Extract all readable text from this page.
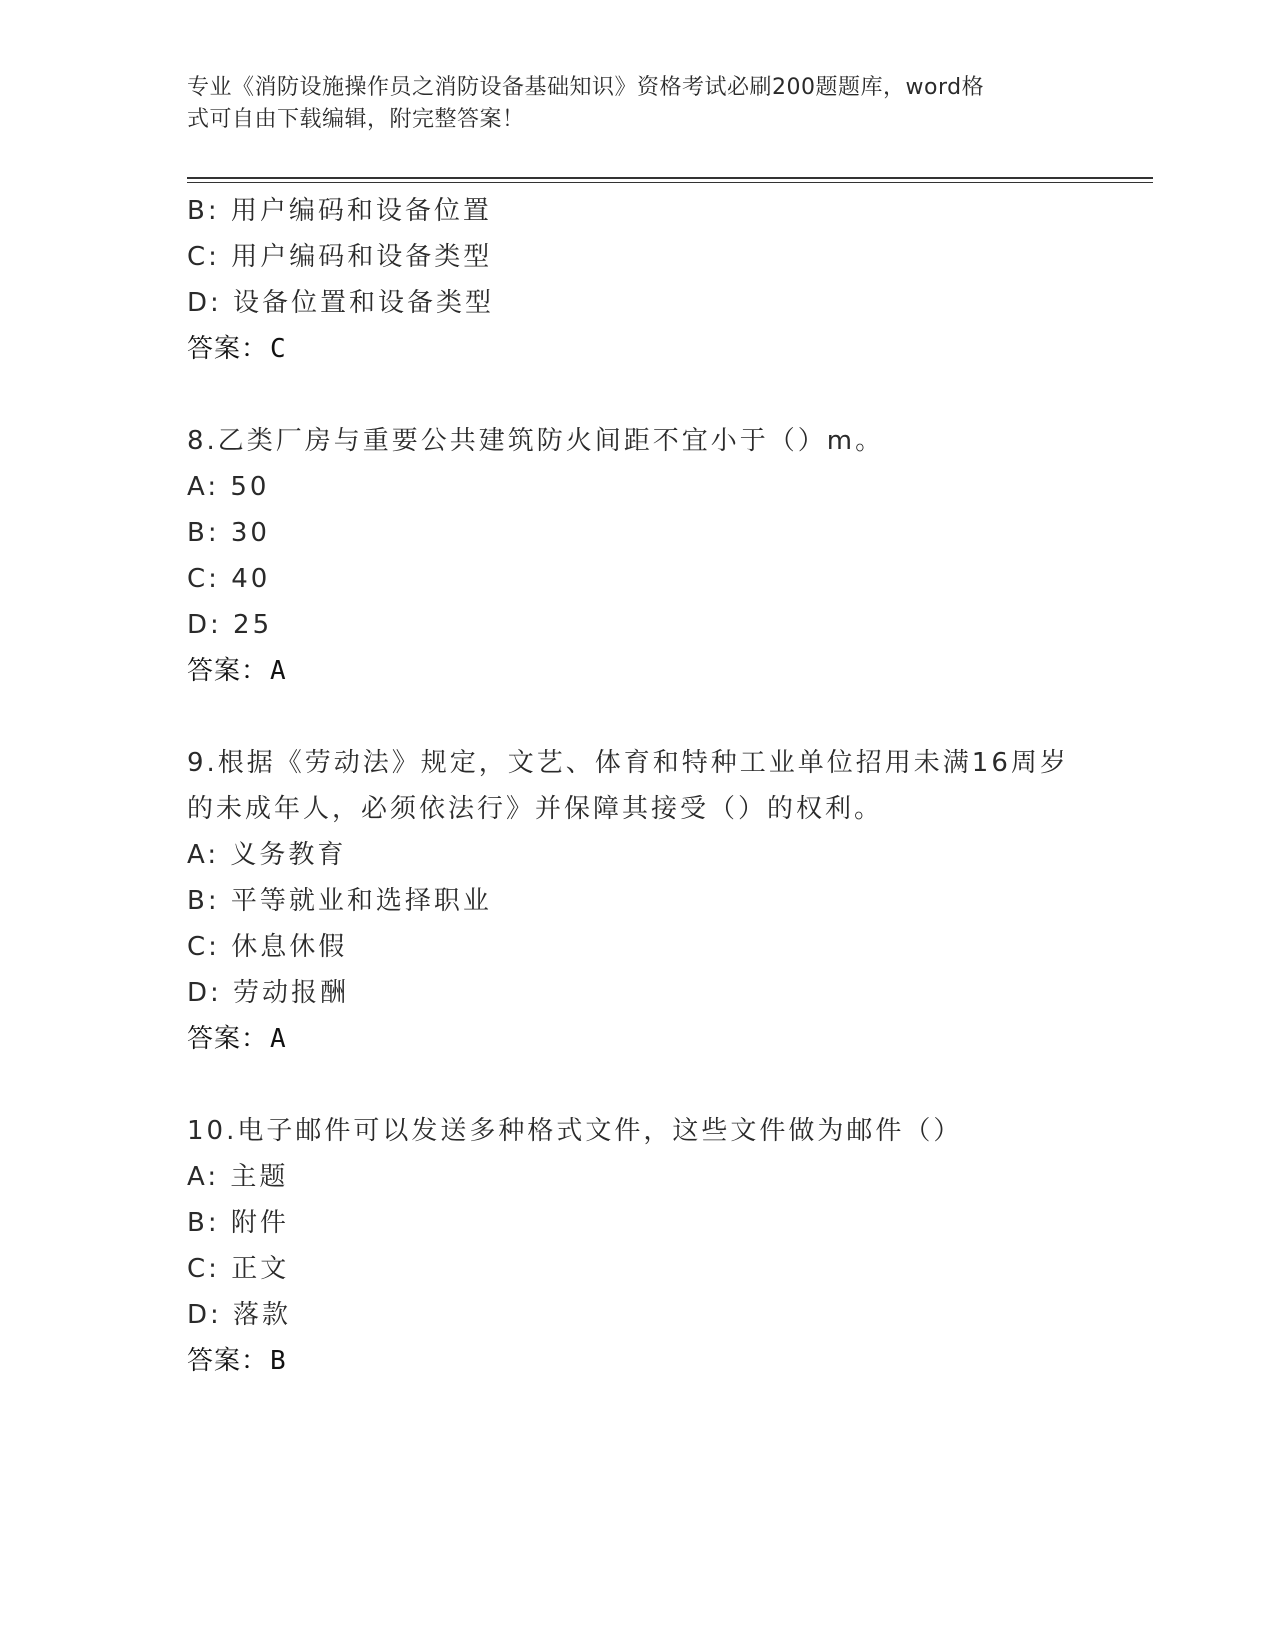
专业《消防设施操作员之消防设备基础知识》资格考试必刷200题题库，word格
式可自由下载编辑，附完整答案！
B: 用户编码和设备位置
C: 用户编码和设备类型
D: 设备位置和设备类型
答案：C
8.乙类厂房与重要公共建筑防火间距不宜小于（）m。
A: 50
B: 30
C: 40
D: 25
答案：A
9.根据《劳动法》规定，文艺、体育和特种工业单位招用未满16周岁
的未成年人，必须依法行》并保障其接受（）的权利。
A: 义务教育
B: 平等就业和选择职业
C: 休息休假
D: 劳动报酬
答案：A
10.电子邮件可以发送多种格式文件，这些文件做为邮件（）
A: 主题
B: 附件
C: 正文
D: 落款
答案：B
